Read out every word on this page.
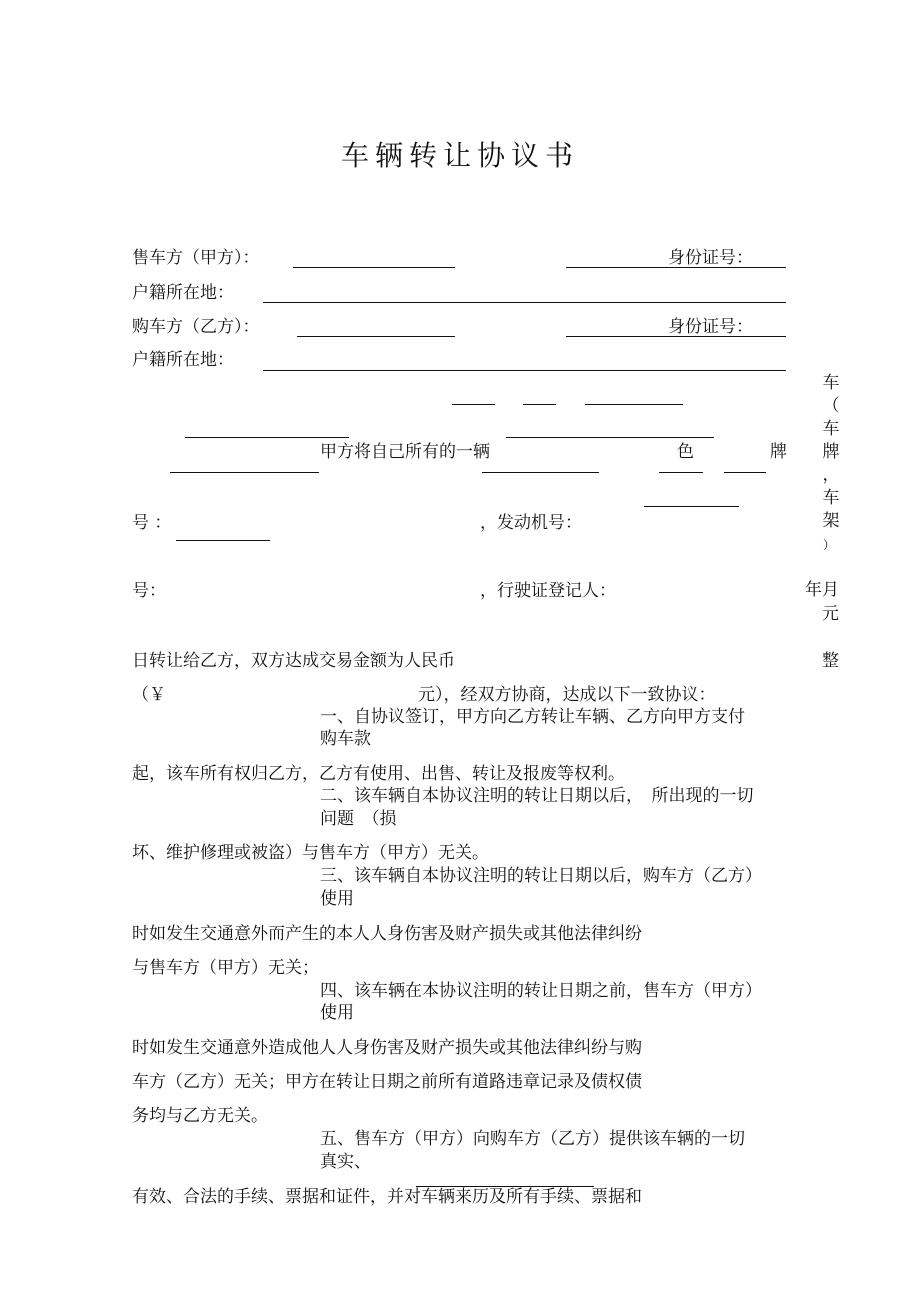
车辆转让协议书
售车方（甲方）：	身份证号：
户籍所在地：
购车方（乙方）：	身份证号：
户籍所在地：
车
（
车
牌
，
车
架
）
甲方将自己所有的一辆	色	牌
号 ：	，发动机号：
号：	，行驶证登记人：	年月
元
日转让给乙方，双方达成交易金额为人民币	整
（￥	元），经双方协商，达成以下一致协议：
一、自协议签订，甲方向乙方转让车辆、乙方向甲方支付
购车款
起，该车所有权归乙方，乙方有使用、出售、转让及报废等权利。
二、该车辆自本协议注明的转让日期以后，　所出现的一切
问题　（损
坏、维护修理或被盗）与售车方（甲方）无关。
三、该车辆自本协议注明的转让日期以后，购车方（乙方）
使用
时如发生交通意外而产生的本人人身伤害及财产损失或其他法律纠纷
与售车方（甲方）无关；
四、该车辆在本协议注明的转让日期之前，售车方（甲方）
使用
时如发生交通意外造成他人人身伤害及财产损失或其他法律纠纷与购
车方（乙方）无关；甲方在转让日期之前所有道路违章记录及债权债
务均与乙方无关。
五、售车方（甲方）向购车方（乙方）提供该车辆的一切
真实、
有效、合法的手续、票据和证件，并对车辆来历及所有手续、票据和
